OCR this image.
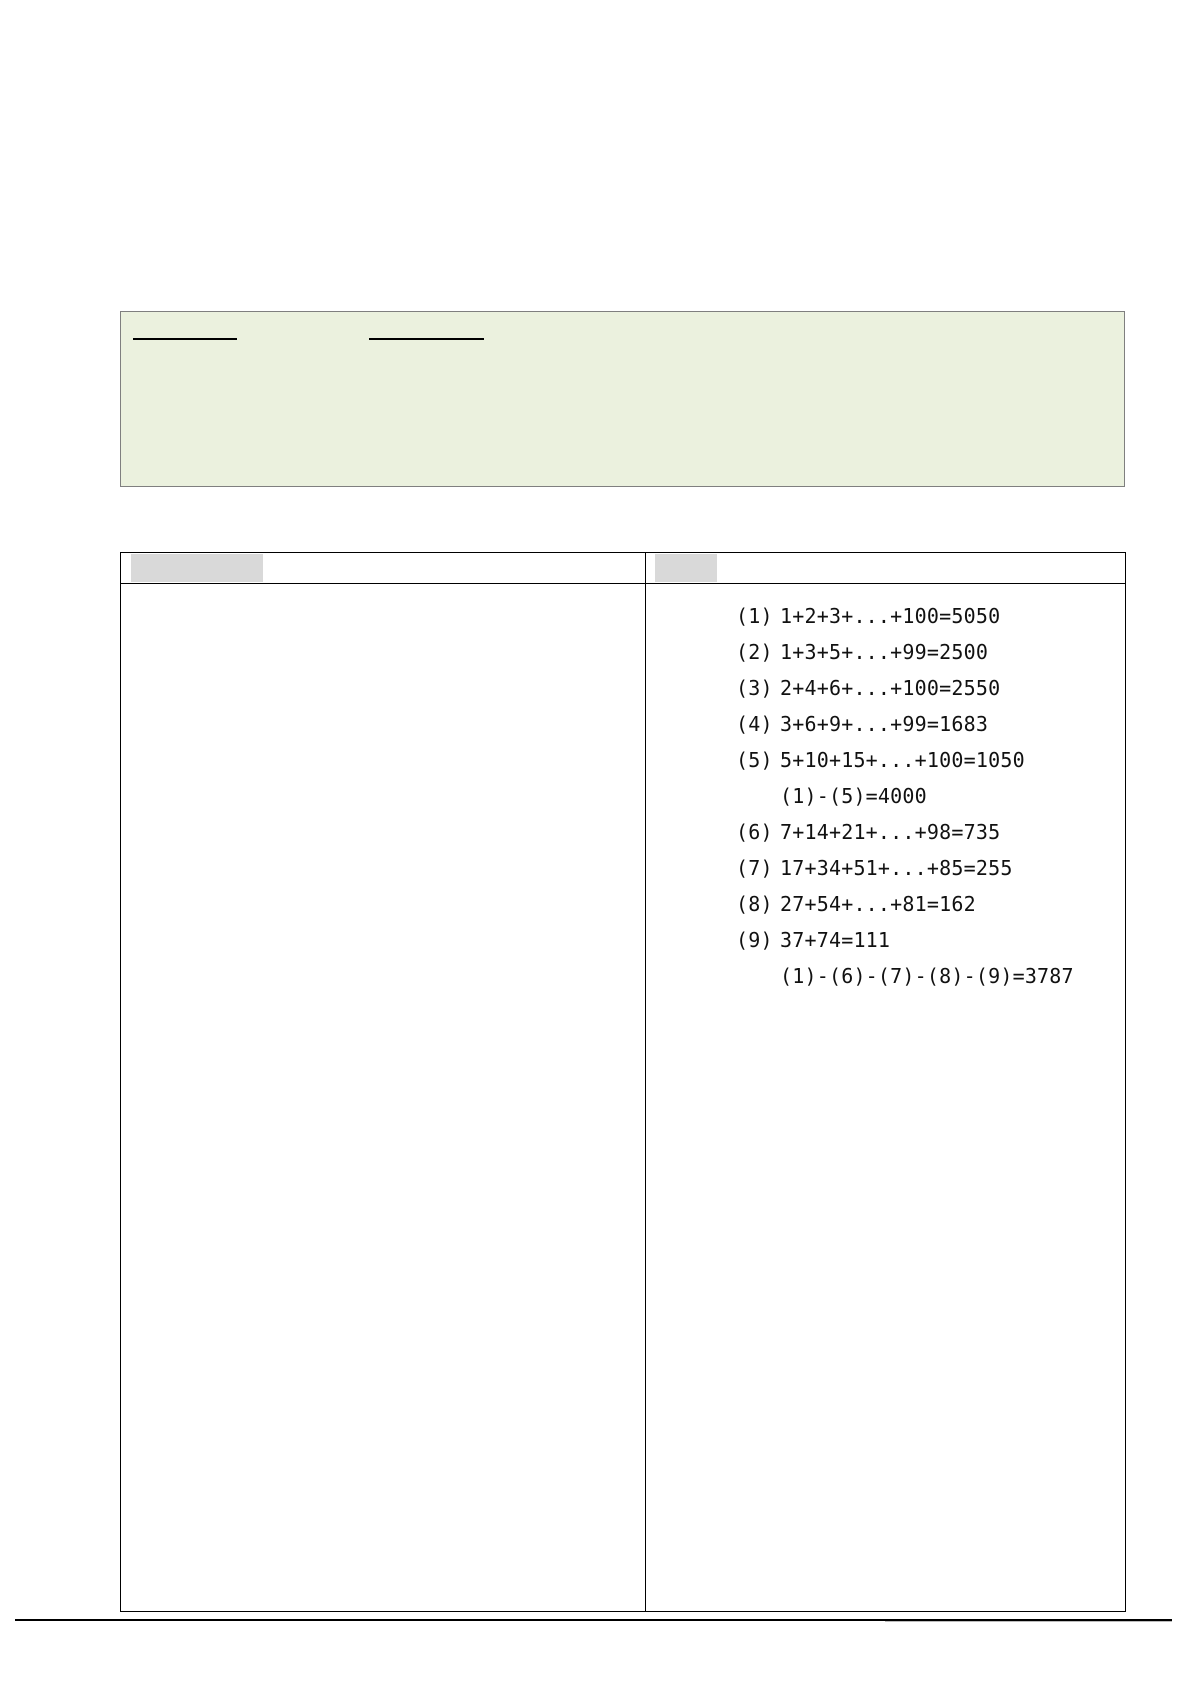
(1) 1+2+3+...+100=5050
(2) 1+3+5+...+99=2500
(3) 2+4+6+...+100=2550
(4) 3+6+9+...+99=1683
(5) 5+10+15+...+100=1050
(1)-(5)=4000
(6) 7+14+21+...+98=735
(7) 17+34+51+...+85=255
(8) 27+54+...+81=162
(9) 37+74=111
(1)-(6)-(7)-(8)-(9)=3787
